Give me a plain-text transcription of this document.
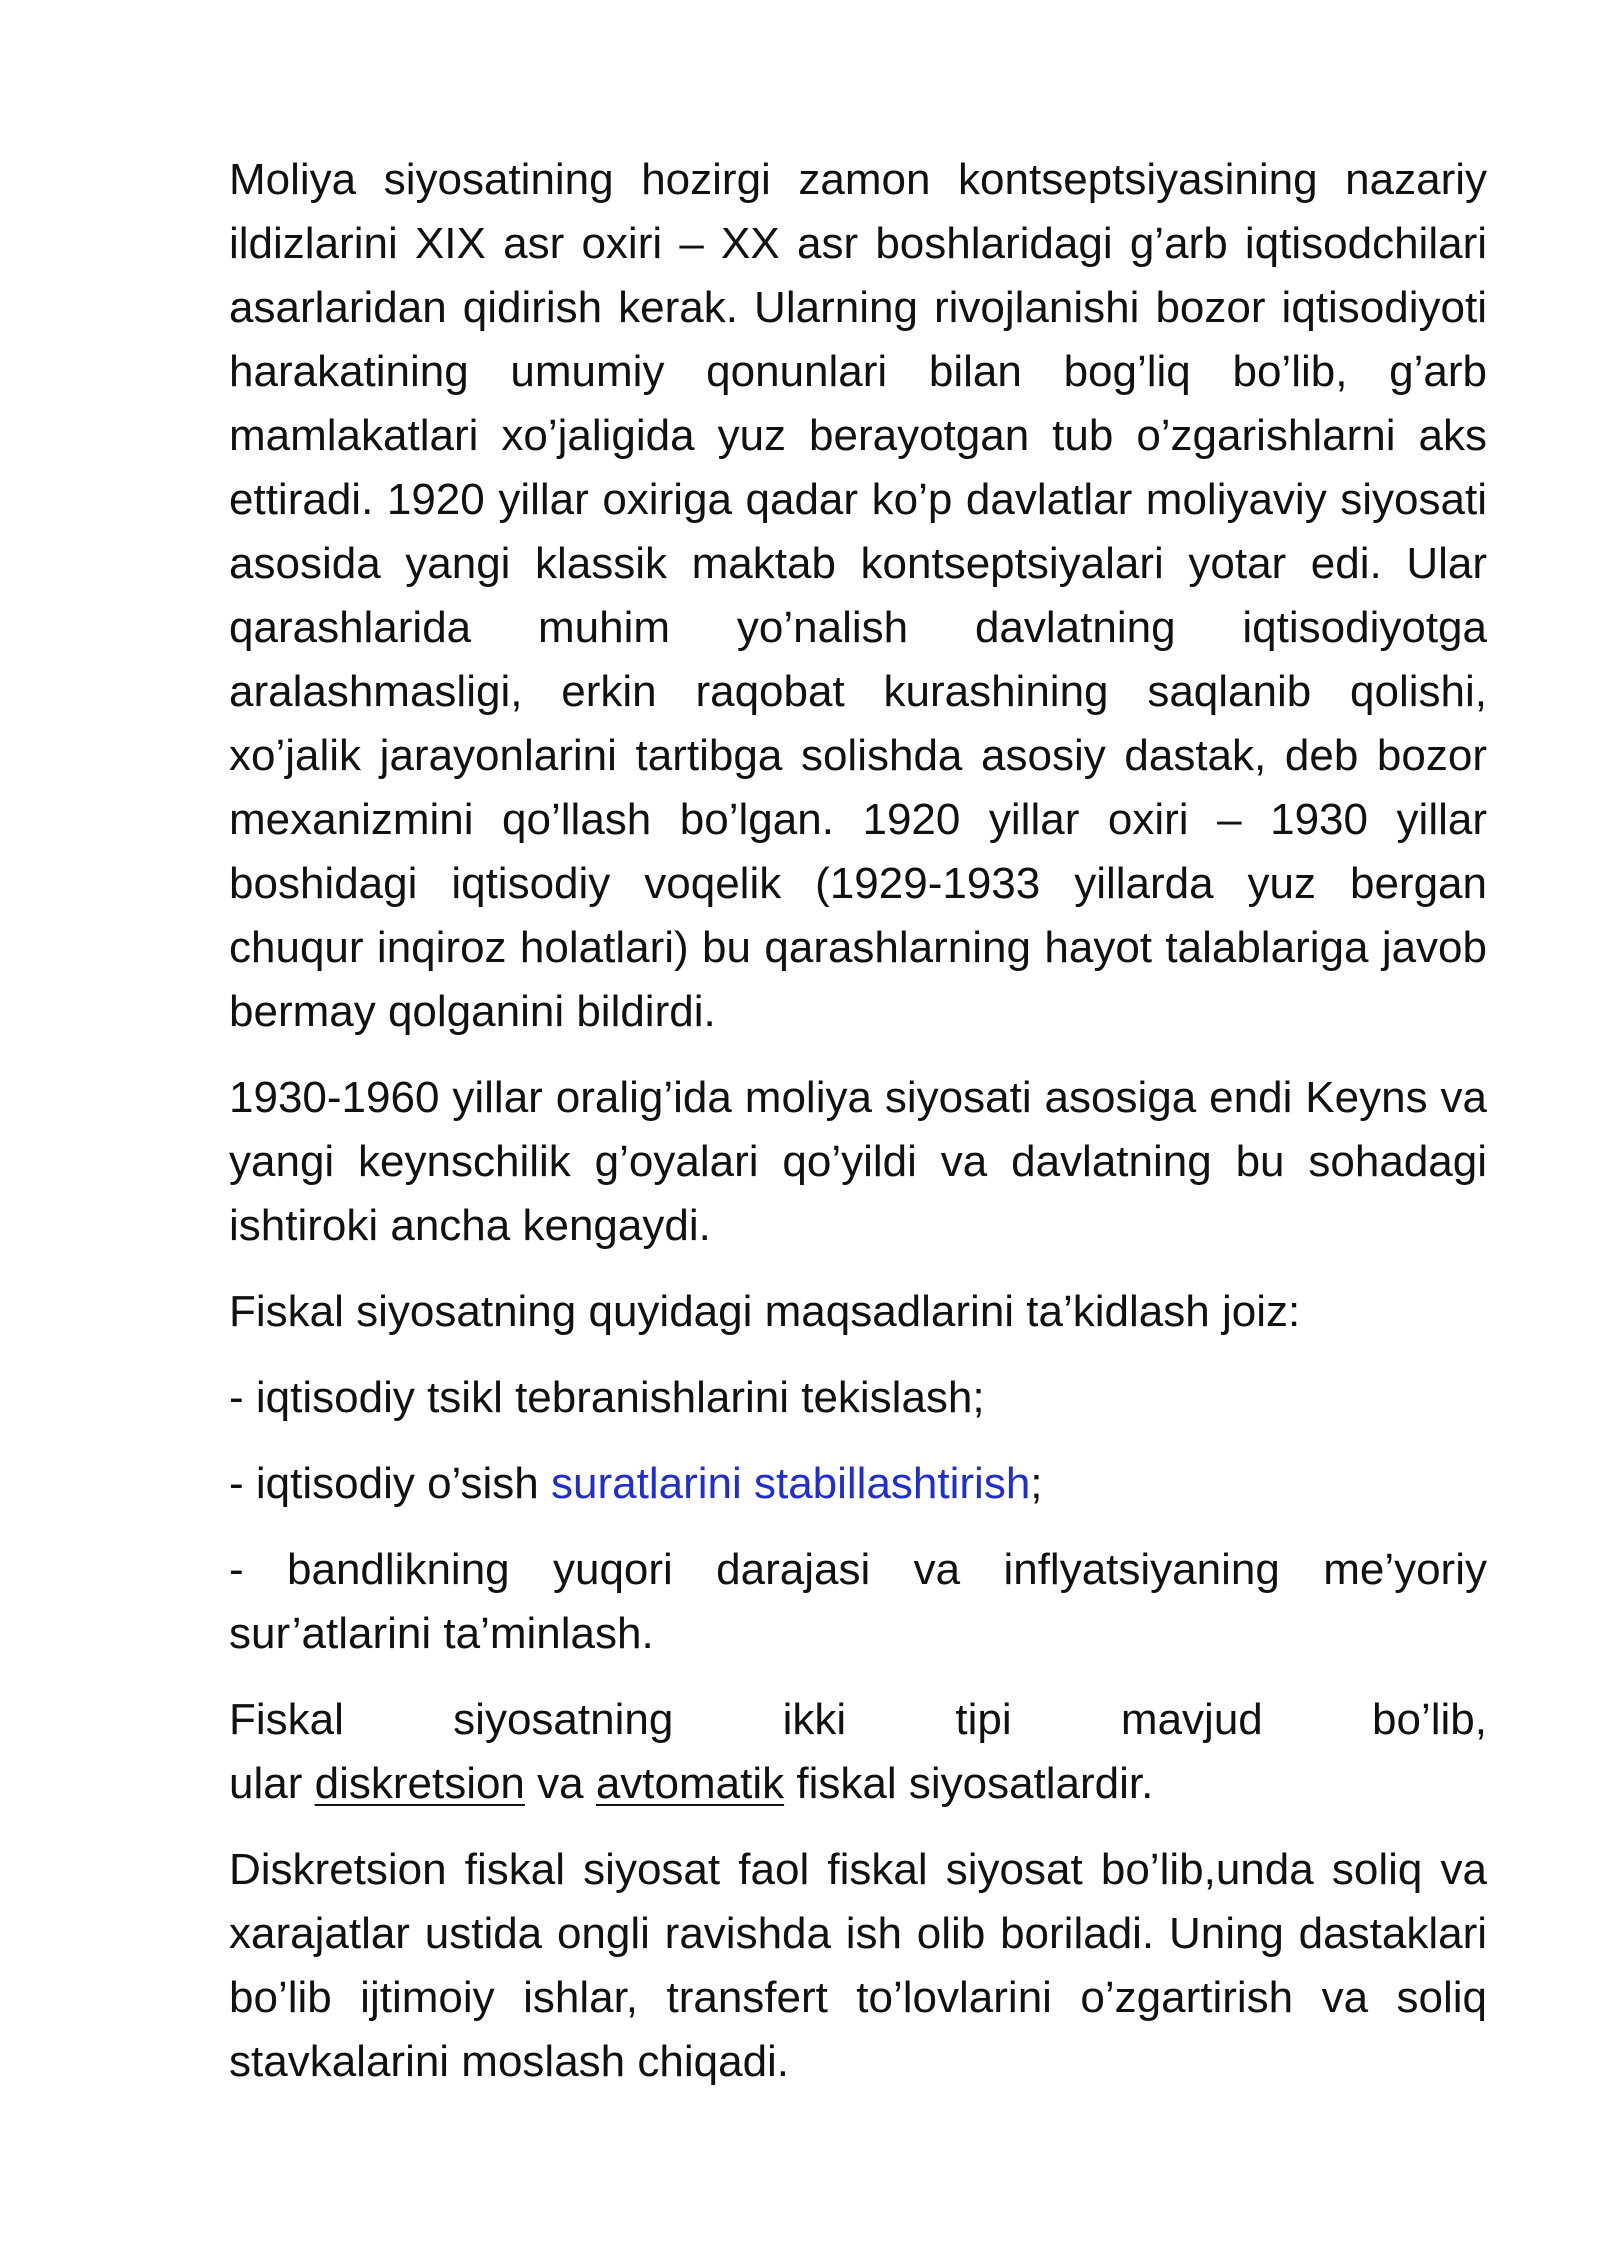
Moliya siyosatining hozirgi zamon kontseptsiyasining nazariy ildizlarini XIX asr oxiri – XX asr boshlaridagi g’arb iqtisodchilari asarlaridan qidirish kerak. Ularning rivojlanishi bozor iqtisodiyoti harakatining umumiy qonunlari bilan bog’liq bo’lib, g’arb mamlakatlari xo’jaligida yuz berayotgan tub o’zgarishlarni aks ettiradi. 1920 yillar oxiriga qadar ko’p davlatlar moliyaviy siyosati asosida yangi klassik maktab kontseptsiyalari yotar edi. Ular qarashlarida muhim yo’nalish davlatning iqtisodiyotga aralashmasligi, erkin raqobat kurashining saqlanib qolishi, xo’jalik jarayonlarini tartibga solishda asosiy dastak, deb bozor mexanizmini qo’llash bo’lgan. 1920 yillar oxiri – 1930 yillar boshidagi iqtisodiy voqelik (1929-1933 yillarda yuz bergan chuqur inqiroz holatlari) bu qarashlarning hayot talablariga javob bermay qolganini bildirdi.

1930-1960 yillar oralig’ida moliya siyosati asosiga endi Keyns va yangi keynschilik g’oyalari qo’yildi va davlatning bu sohadagi ishtiroki ancha kengaydi.

Fiskal siyosatning quyidagi maqsadlarini ta’kidlash joiz:

- iqtisodiy tsikl tebranishlarini tekislash;

- iqtisodiy o’sish suratlarini stabillashtirish;

- bandlikning yuqori darajasi va inflyatsiyaning me’yoriy sur’atlarini ta’minlash.

Fiskal siyosatning ikki tipi mavjud bo’lib,
ular diskretsion va avtomatik fiskal siyosatlardir.

Diskretsion fiskal siyosat faol fiskal siyosat bo’lib,unda soliq va xarajatlar ustida ongli ravishda ish olib boriladi. Uning dastaklari bo’lib ijtimoiy ishlar, transfert to’lovlarini o’zgartirish va soliq stavkalarini moslash chiqadi.
